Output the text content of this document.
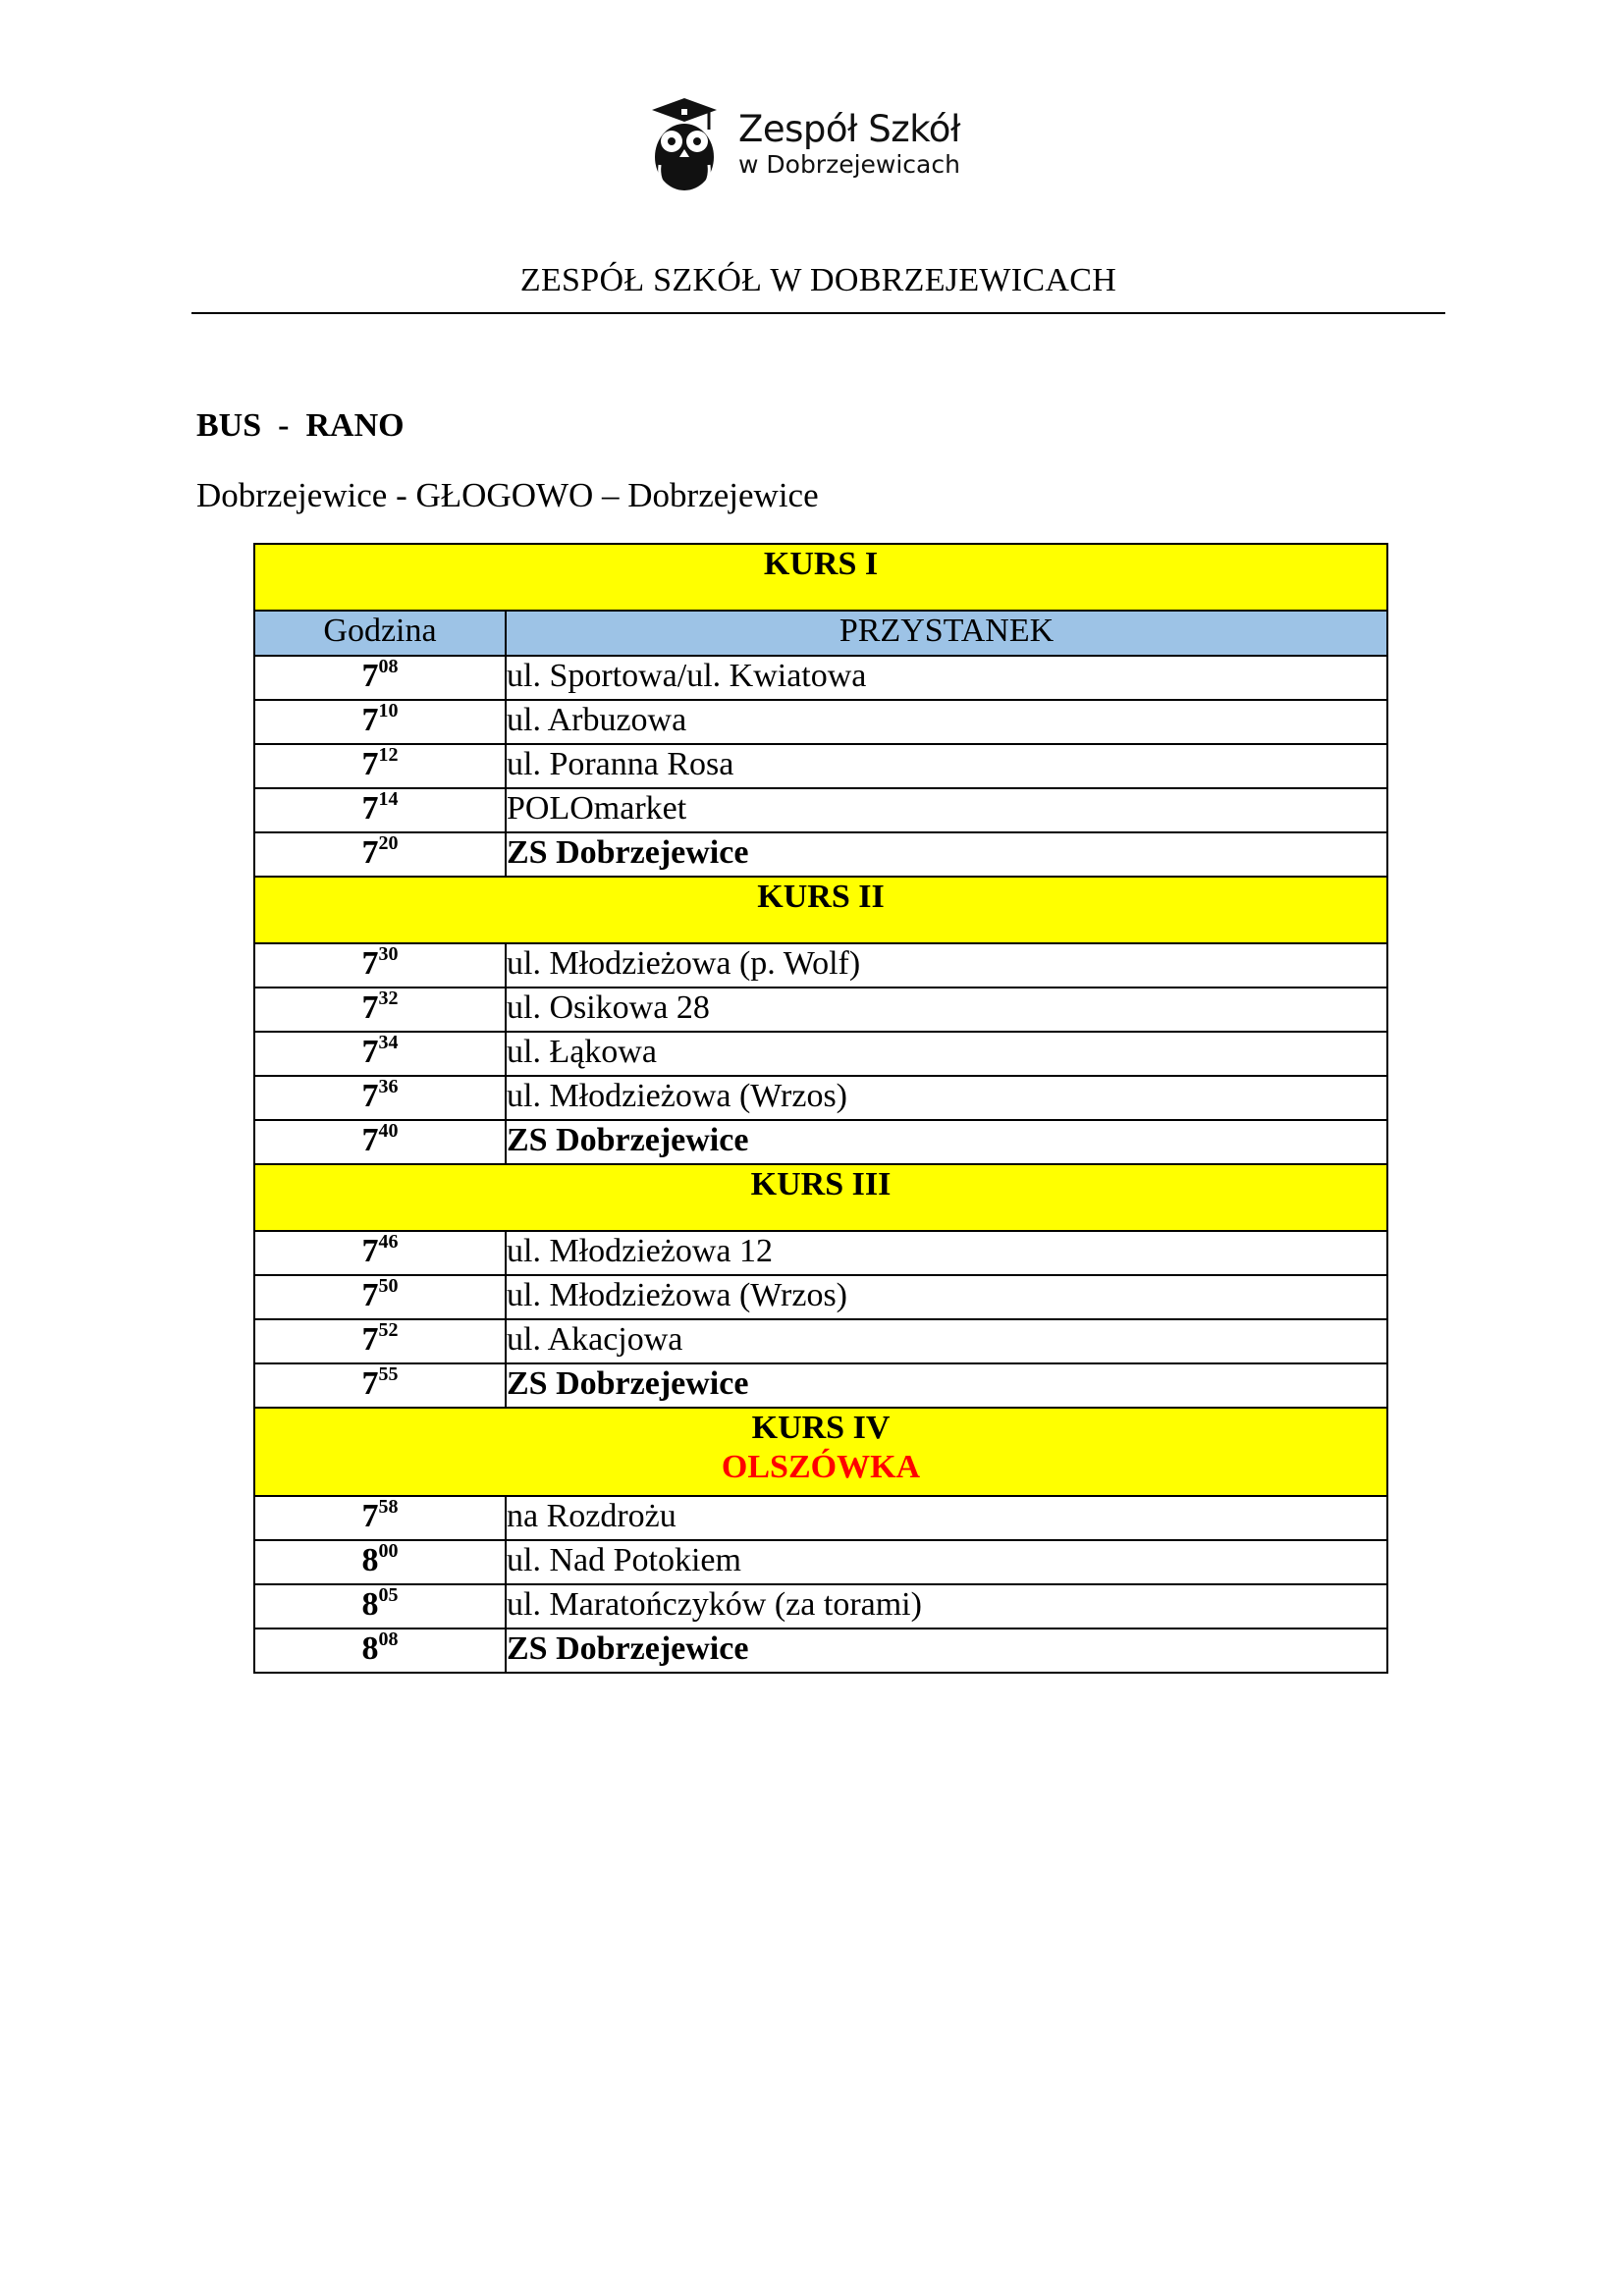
Zespół Szkół
w Dobrzejewicach
ZESPÓŁ SZKÓŁ W DOBRZEJEWICACH
BUS  -  RANO
Dobrzejewice - GŁOGOWO – Dobrzejewice
KURS I	

Godzina	PRZYSTANEK
$7^{08}$	ul. Sportowa/ul. Kwiatowa
$7^{10}$	ul. Arbuzowa
$7^{12}$	ul. Poranna Rosa
$7^{14}$	POLOmarket
$7^{20}$	ZS Dobrzejewice

KURS II	

$7^{30}$	ul. Młodzieżowa (p. Wolf)
$7^{32}$	ul. Osikowa 28
$7^{34}$	ul. Łąkowa
$7^{36}$	ul. Młodzieżowa (Wrzos)
$7^{40}$	ZS Dobrzejewice

KURS III	

$7^{46}$	ul. Młodzieżowa 12
$7^{50}$	ul. Młodzieżowa (Wrzos)
$7^{52}$	ul. Akacjowa
$7^{55}$	ZS Dobrzejewice

KURS IV
OLSZÓWKA	

$7^{58}$	na Rozdrożu
$8^{00}$	ul. Nad Potokiem
$8^{05}$	ul. Maratończyków (za torami)
$8^{08}$	ZS Dobrzejewice
